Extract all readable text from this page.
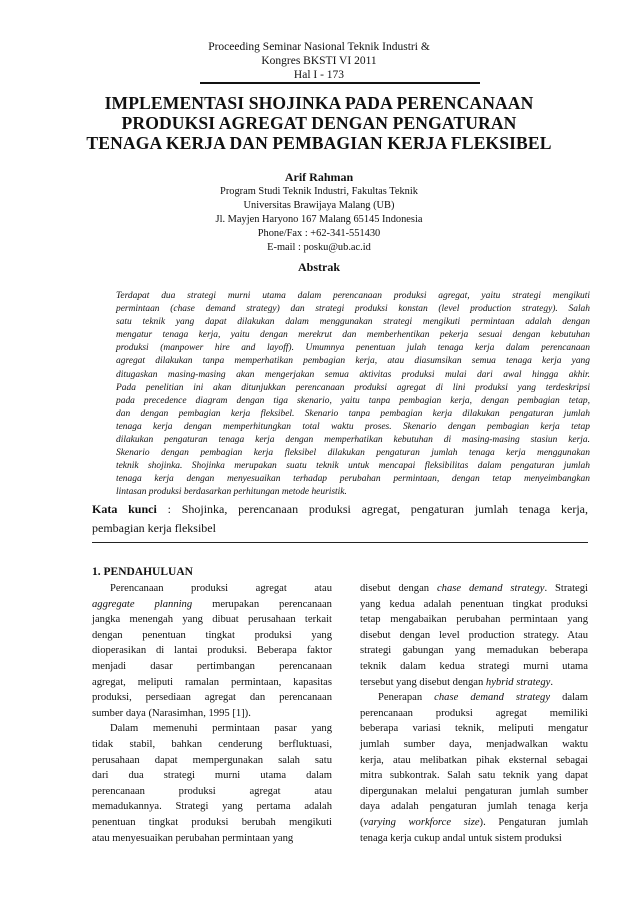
Proceeding Seminar Nasional Teknik Industri &
Kongres BKSTI VI 2011
Hal I - 173
IMPLEMENTASI SHOJINKA PADA PERENCANAAN
PRODUKSI AGREGAT DENGAN PENGATURAN
TENAGA KERJA DAN PEMBAGIAN KERJA FLEKSIBEL
Arif Rahman
Program Studi Teknik Industri, Fakultas Teknik
Universitas Brawijaya Malang (UB)
Jl. Mayjen Haryono 167 Malang 65145 Indonesia
Phone/Fax : +62-341-551430
E-mail : posku@ub.ac.id
Abstrak
Terdapat dua strategi murni utama dalam perencanaan produksi agregat, yaitu strategi mengikuti
permintaan (chase demand strategy) dan strategi produksi konstan (level production strategy). Salah
satu teknik yang dapat dilakukan dalam menggunakan strategi mengikuti permintaan adalah dengan
mengatur tenaga kerja, yaitu dengan merekrut dan memberhentikan pekerja sesuai dengan kebutuhan
produksi (manpower hire and layoff). Umumnya penentuan julah tenaga kerja dalam perencanaan
agregat dilakukan tanpa memperhatikan pembagian kerja, atau diasumsikan semua tenaga kerja yang
ditugaskan masing-masing akan mengerjakan semua aktivitas produksi mulai dari awal hingga akhir.
Pada penelitian ini akan ditunjukkan perencanaan produksi agregat di lini produksi yang terdeskripsi
pada precedence diagram dengan tiga skenario, yaitu tanpa pembagian kerja, dengan pembagian tetap,
dan dengan pembagian kerja fleksibel. Skenario tanpa pembagian kerja dilakukan pengaturan jumlah
tenaga kerja dengan memperhitungkan total waktu proses. Skenario dengan pembagian kerja tetap
dilakukan pengaturan tenaga kerja dengan memperhatikan kebutuhan di masing-masing stasiun kerja.
Skenario dengan pembagian kerja fleksibel dilakukan pengaturan jumlah tenaga kerja menggunakan
teknik shojinka. Shojinka merupakan suatu teknik untuk mencapai fleksibilitas dalam pengaturan jumlah
tenaga kerja dengan menyesuaikan terhadap perubahan permintaan, dengan tetap menyeimbangkan
lintasan produksi berdasarkan perhitungan metode heuristik.
Kata kunci : Shojinka, perencanaan produksi agregat, pengaturan jumlah tenaga kerja,
pembagian kerja fleksibel
1. PENDAHULUAN
Perencanaan produksi agregat atau
aggregate planning merupakan perencanaan
jangka menengah yang dibuat perusahaan terkait
dengan penentuan tingkat produksi yang
dioperasikan di lantai produksi. Beberapa faktor
menjadi dasar pertimbangan perencanaan
agregat, meliputi ramalan permintaan, kapasitas
produksi, persediaan agregat dan perencanaan
sumber daya (Narasimhan, 1995 [1]).
Dalam memenuhi permintaan pasar yang
tidak stabil, bahkan cenderung berfluktuasi,
perusahaan dapat mempergunakan salah satu
dari dua strategi murni utama dalam
perencanaan produksi agregat atau
memadukannya. Strategi yang pertama adalah
penentuan tingkat produksi berubah mengikuti
atau menyesuaikan perubahan permintaan yang
disebut dengan chase demand strategy. Strategi
yang kedua adalah penentuan tingkat produksi
tetap mengabaikan perubahan permintaan yang
disebut dengan level production strategy. Atau
strategi gabungan yang memadukan beberapa
teknik dalam kedua strategi murni utama
tersebut yang disebut dengan hybrid strategy.
Penerapan chase demand strategy dalam
perencanaan produksi agregat memiliki
beberapa variasi teknik, meliputi mengatur
jumlah sumber daya, menjadwalkan waktu
kerja, atau melibatkan pihak eksternal sebagai
mitra subkontrak. Salah satu teknik yang dapat
dipergunakan melalui pengaturan jumlah sumber
daya adalah pengaturan jumlah tenaga kerja
(varying workforce size). Pengaturan jumlah
tenaga kerja cukup andal untuk sistem produksi
